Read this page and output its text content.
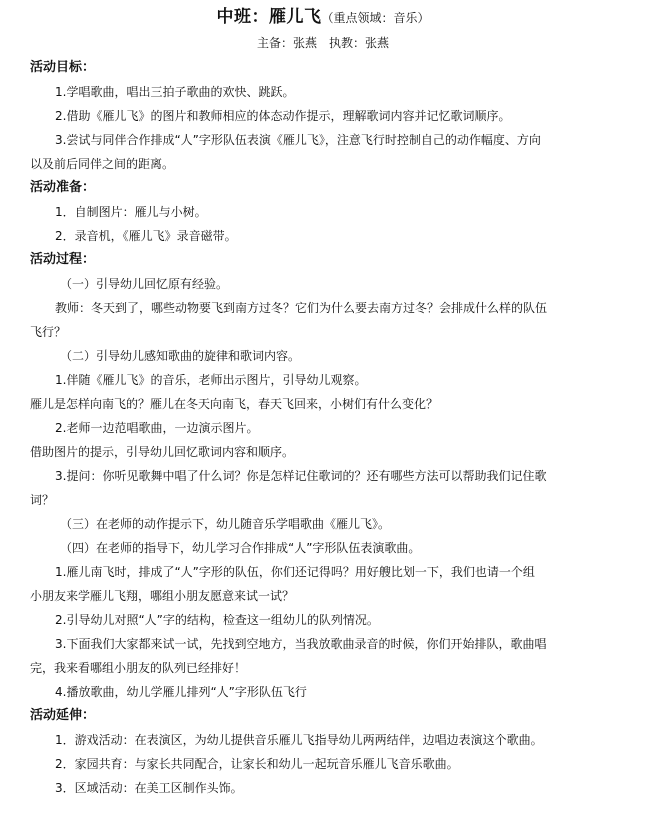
中班：雁儿飞（重点领域：音乐）
主备：张燕　执教：张燕
活动目标：
1.学唱歌曲，唱出三拍子歌曲的欢快、跳跃。
2.借助《雁儿飞》的图片和教师相应的体态动作提示，理解歌词内容并记忆歌词顺序。
3.尝试与同伴合作排成“人”字形队伍表演《雁儿飞》，注意飞行时控制自己的动作幅度、方向
以及前后同伴之间的距离。
活动准备：
1．自制图片：雁儿与小树。
2．录音机，《雁儿飞》录音磁带。
活动过程：
（一）引导幼儿回忆原有经验。
教师：冬天到了，哪些动物要飞到南方过冬？它们为什么要去南方过冬？会排成什么样的队伍
飞行？
（二）引导幼儿感知歌曲的旋律和歌词内容。
1.伴随《雁儿飞》的音乐，老师出示图片，引导幼儿观察。
雁儿是怎样向南飞的？雁儿在冬天向南飞，春天飞回来，小树们有什么变化？
2.老师一边范唱歌曲，一边演示图片。
借助图片的提示，引导幼儿回忆歌词内容和顺序。
3.提问：你听见歌舞中唱了什么词？你是怎样记住歌词的？还有哪些方法可以帮助我们记住歌
词？
（三）在老师的动作提示下，幼儿随音乐学唱歌曲《雁儿飞》。
（四）在老师的指导下，幼儿学习合作排成“人”字形队伍表演歌曲。
1.雁儿南飞时，排成了“人”字形的队伍，你们还记得吗？用好艘比划一下，我们也请一个组
小朋友来学雁儿飞翔，哪组小朋友愿意来试一试？
2.引导幼儿对照“人”字的结构，检查这一组幼儿的队列情况。
3.下面我们大家都来试一试，先找到空地方，当我放歌曲录音的时候，你们开始排队，歌曲唱
完，我来看哪组小朋友的队列已经排好！
4.播放歌曲，幼儿学雁儿排列“人”字形队伍飞行
活动延伸：
1．游戏活动：在表演区，为幼儿提供音乐雁儿飞指导幼儿两两结伴，边唱边表演这个歌曲。
2．家园共育：与家长共同配合，让家长和幼儿一起玩音乐雁儿飞音乐歌曲。
3．区域活动：在美工区制作头饰。
